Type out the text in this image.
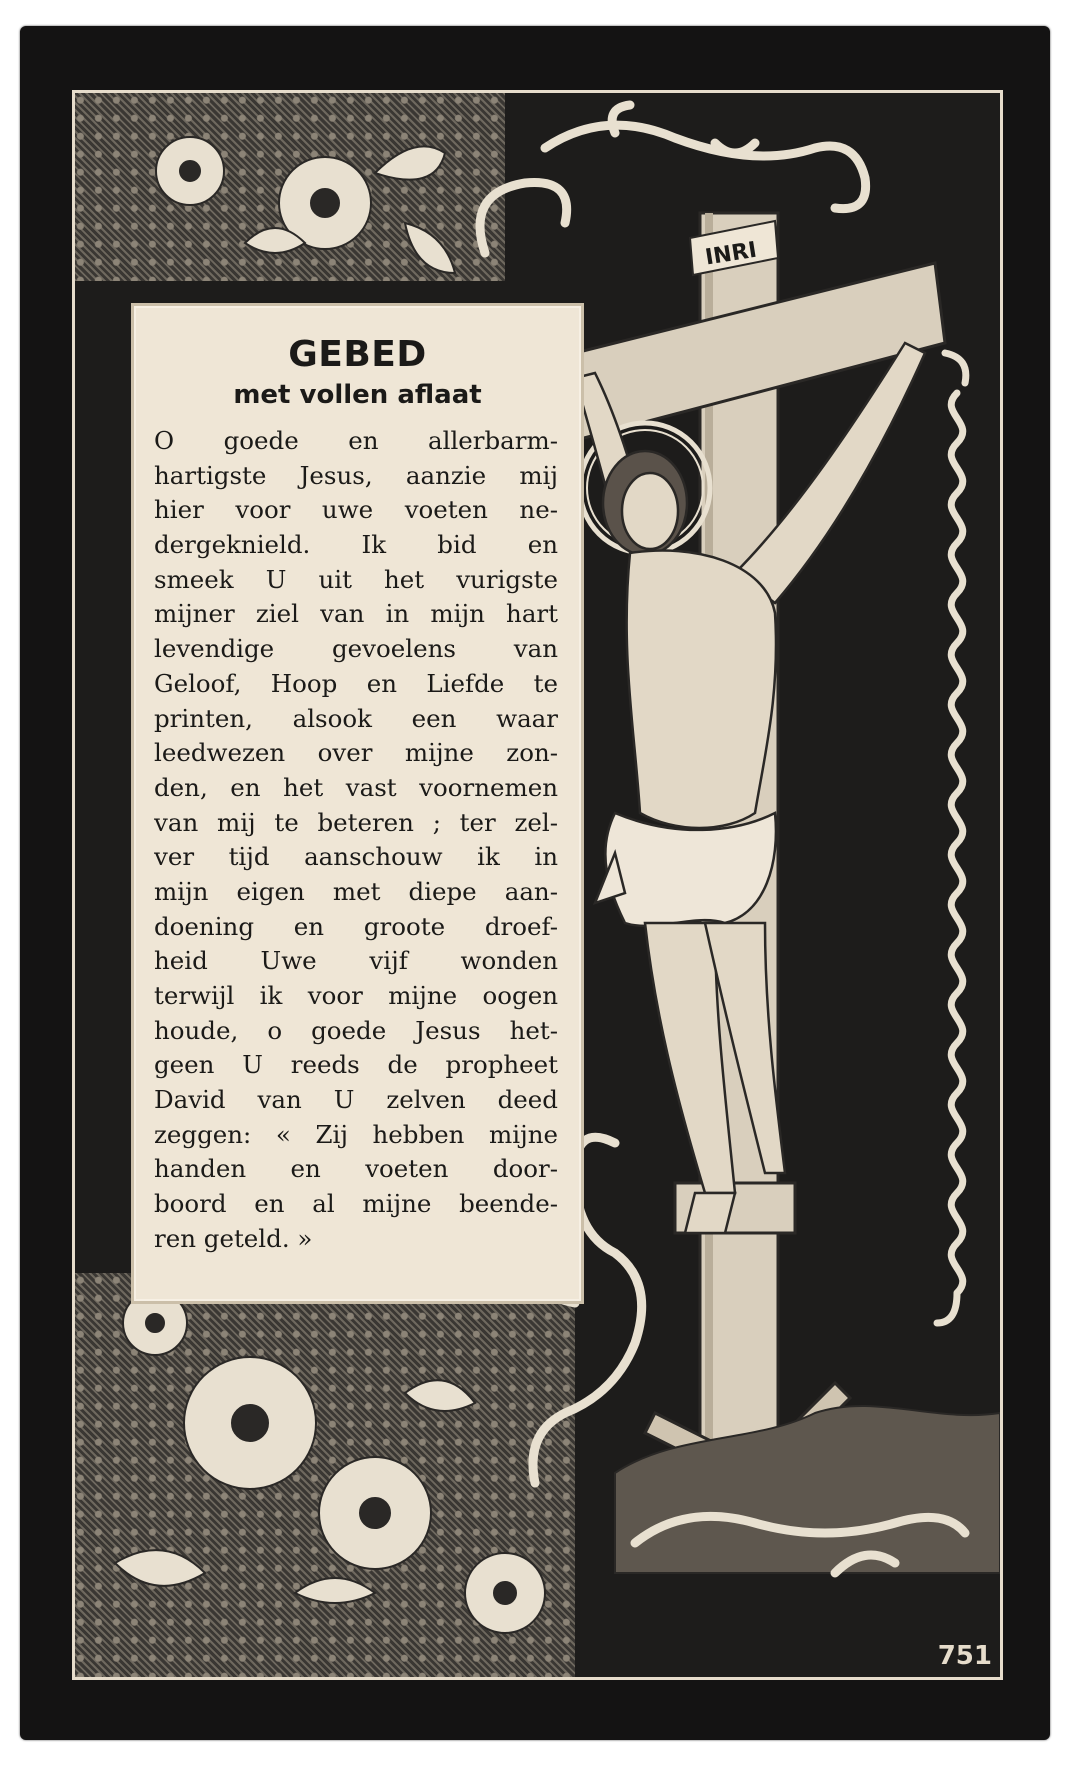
INRI
GEBED
met vollen aflaat
O goede en allerbarm-
hartigste Jesus, aanzie mij
hier voor uwe voeten ne-
dergeknield. Ik bid en
smeek U uit het vurigste
mijner ziel van in mijn hart
levendige gevoelens van
Geloof, Hoop en Liefde te
printen, alsook een waar
leedwezen over mijne zon-
den, en het vast voornemen
van mij te beteren ; ter zel-
ver tijd aanschouw ik in
mijn eigen met diepe aan-
doening en groote droef-
heid Uwe vijf wonden
terwijl ik voor mijne oogen
houde, o goede Jesus het-
geen U reeds de propheet
David van U zelven deed
zeggen: « Zij hebben mijne
handen en voeten door-
boord en al mijne beende-
ren geteld. »
751
